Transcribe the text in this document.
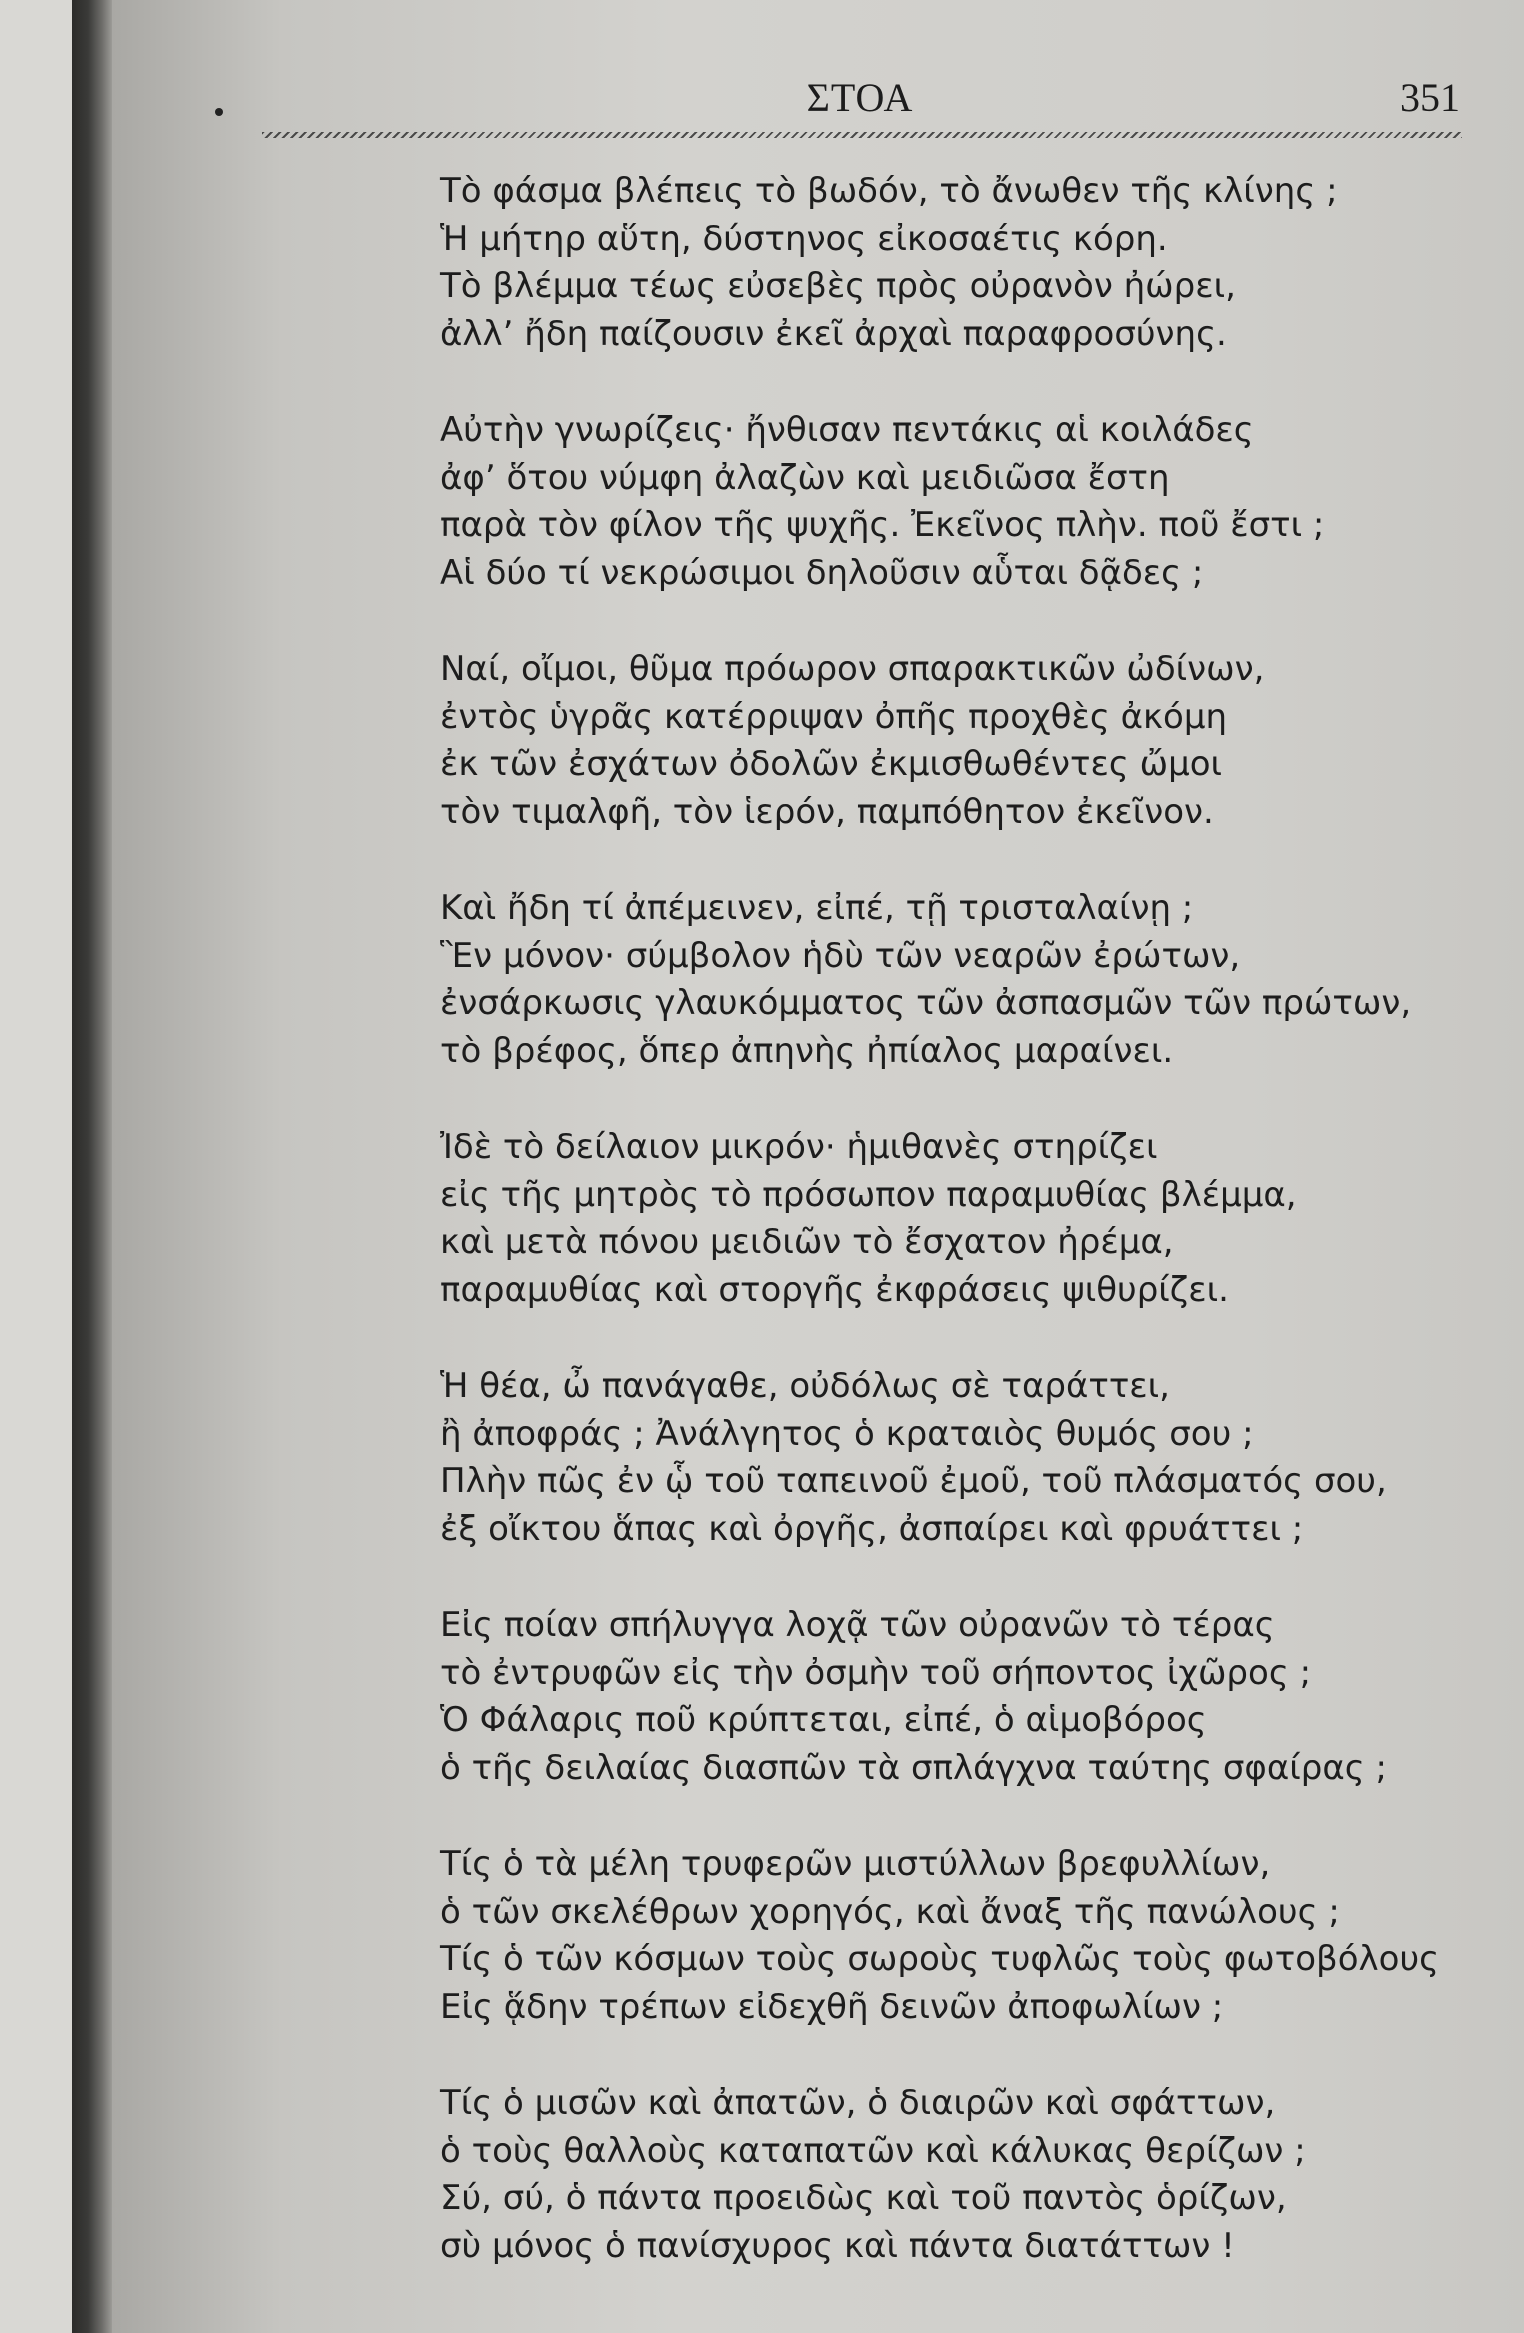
ΣΤΟΑ	351
Τὸ φάσμα βλέπεις τὸ βωδόν, τὸ ἄνωθεν τῆς κλίνης ;
Ἡ μήτηρ αὕτη, δύστηνος εἰκοσαέτις κόρη.
Τὸ βλέμμα τέως εὐσεβὲς πρὸς οὐρανὸν ἠώρει,
ἀλλ’ ἤδη παίζουσιν ἐκεῖ ἀρχαὶ παραφροσύνης.
Αὐτὴν γνωρίζεις· ἤνθισαν πεντάκις αἱ κοιλάδες
ἀφ’ ὅτου νύμφη ἀλαζὼν καὶ μειδιῶσα ἔστη
παρὰ τὸν φίλον τῆς ψυχῆς. Ἐκεῖνος πλὴν. ποῦ ἔστι ;
Αἱ δύο τί νεκρώσιμοι δηλοῦσιν αὗται δᾷδες ;
Ναί, οἴμοι, θῦμα πρόωρον σπαρακτικῶν ὠδίνων,
ἐντὸς ὑγρᾶς κατέρριψαν ὀπῆς προχθὲς ἀκόμη
ἐκ τῶν ἐσχάτων ὀδολῶν ἐκμισθωθέντες ὤμοι
τὸν τιμαλφῆ, τὸν ἱερόν, παμπόθητον ἐκεῖνον.
Καὶ ἤδη τί ἀπέμεινεν, εἰπέ, τῇ τρισταλαίνῃ ;
Ἓν μόνον· σύμβολον ἡδὺ τῶν νεαρῶν ἐρώτων,
ἐνσάρκωσις γλαυκόμματος τῶν ἀσπασμῶν τῶν πρώτων,
τὸ βρέφος, ὅπερ ἀπηνὴς ἠπίαλος μαραίνει.
Ἰδὲ τὸ δείλαιον μικρόν· ἡμιθανὲς στηρίζει
εἰς τῆς μητρὸς τὸ πρόσωπον παραμυθίας βλέμμα,
καὶ μετὰ πόνου μειδιῶν τὸ ἔσχατον ἠρέμα,
παραμυθίας καὶ στοργῆς ἐκφράσεις ψιθυρίζει.
Ἡ θέα, ὦ πανάγαθε, οὐδόλως σὲ ταράττει,
ἢ ἀποφράς ; Ἀνάλγητος ὁ κραταιὸς θυμός σου ;
Πλὴν πῶς ἐν ᾧ τοῦ ταπεινοῦ ἐμοῦ, τοῦ πλάσματός σου,
ἐξ οἴκτου ἅπας καὶ ὀργῆς, ἀσπαίρει καὶ φρυάττει ;
Εἰς ποίαν σπήλυγγα λοχᾷ τῶν οὐρανῶν τὸ τέρας
τὸ ἐντρυφῶν εἰς τὴν ὀσμὴν τοῦ σήποντος ἰχῶρος ;
Ὁ Φάλαρις ποῦ κρύπτεται, εἰπέ, ὁ αἱμοβόρος
ὁ τῆς δειλαίας διασπῶν τὰ σπλάγχνα ταύτης σφαίρας ;
Τίς ὁ τὰ μέλη τρυφερῶν μιστύλλων βρεφυλλίων,
ὁ τῶν σκελέθρων χορηγός, καὶ ἄναξ τῆς πανώλους ;
Τίς ὁ τῶν κόσμων τοὺς σωροὺς τυφλῶς τοὺς φωτοβόλους
Εἰς ᾅδην τρέπων εἰδεχθῆ δεινῶν ἀποφωλίων ;
Τίς ὁ μισῶν καὶ ἀπατῶν, ὁ διαιρῶν καὶ σφάττων,
ὁ τοὺς θαλλοὺς καταπατῶν καὶ κάλυκας θερίζων ;
Σύ, σύ, ὁ πάντα προειδὼς καὶ τοῦ παντὸς ὁρίζων,
σὺ μόνος ὁ πανίσχυρος καὶ πάντα διατάττων !
